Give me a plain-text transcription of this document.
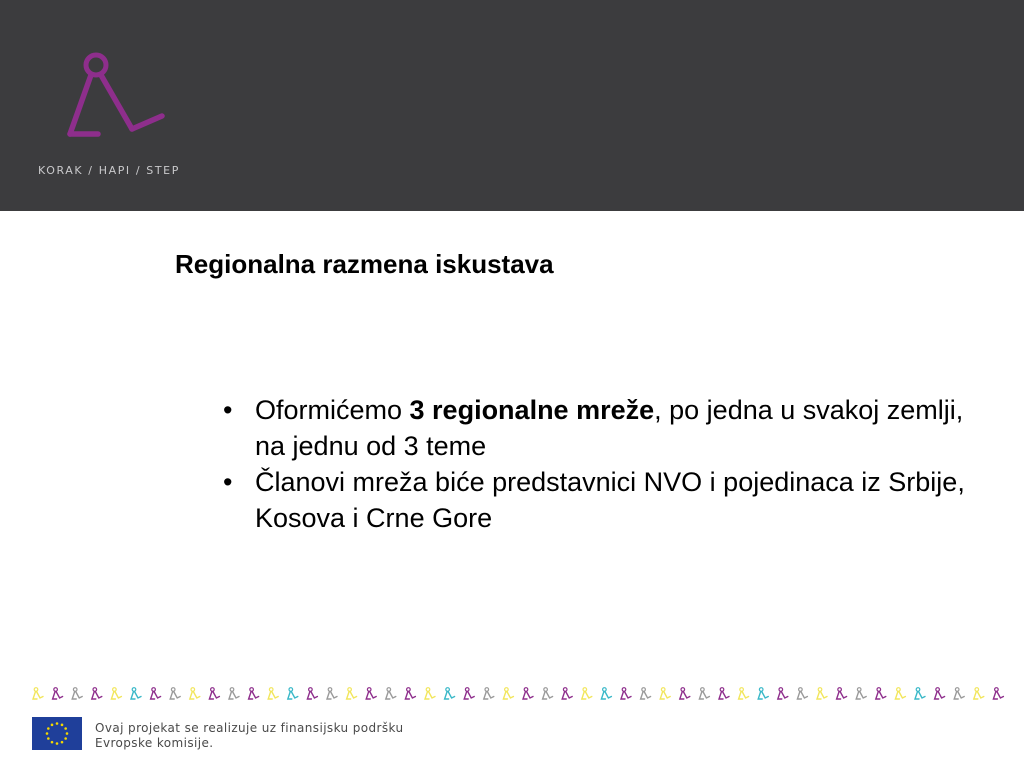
KORAK / HAPI / STEP
Regionalna razmena iskustava
• Oformićemo 3 regionalne mreže, po jedna u svakoj zemlji, na jednu od 3 teme
• Članovi mreža biće predstavnici NVO i pojedinaca iz Srbije, Kosova i Crne Gore
Ovaj projekat se realizuje uz finansijsku podršku
Evropske komisije.
